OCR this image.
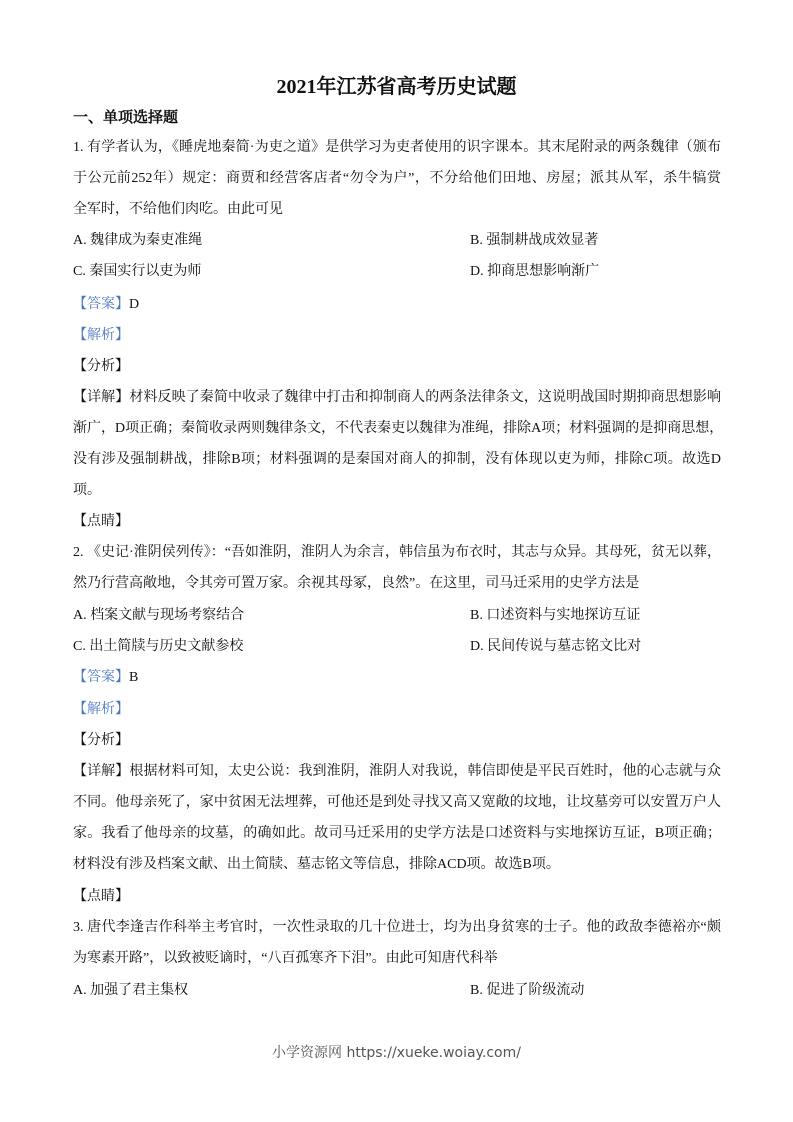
2021年江苏省高考历史试题
一、单项选择题
1. 有学者认为，《睡虎地秦简·为吏之道》是供学习为吏者使用的识字课本。其末尾附录的两条魏律（颁布
于公元前252年）规定：商贾和经营客店者“勿令为户”，不分给他们田地、房屋；派其从军，杀牛犒赏
全军时，不给他们肉吃。由此可见
A. 魏律成为秦吏准绳	B. 强制耕战成效显著
C. 秦国实行以吏为师	D. 抑商思想影响渐广
【答案】D
【解析】
【分析】
【详解】材料反映了秦简中收录了魏律中打击和抑制商人的两条法律条文，这说明战国时期抑商思想影响
渐广，D项正确；秦简收录两则魏律条文，不代表秦吏以魏律为准绳，排除A项；材料强调的是抑商思想，
没有涉及强制耕战，排除B项；材料强调的是秦国对商人的抑制，没有体现以吏为师，排除C项。故选D
项。
【点睛】
2. 《史记·淮阴侯列传》：“吾如淮阴，淮阴人为余言，韩信虽为布衣时，其志与众异。其母死，贫无以葬，
然乃行营高敞地，令其旁可置万家。余视其母冢，良然”。在这里，司马迁采用的史学方法是
A. 档案文献与现场考察结合	B. 口述资料与实地探访互证
C. 出土简牍与历史文献参校	D. 民间传说与墓志铭文比对
【答案】B
【解析】
【分析】
【详解】根据材料可知，太史公说：我到淮阴，淮阴人对我说，韩信即使是平民百姓时，他的心志就与众
不同。他母亲死了，家中贫困无法埋葬，可他还是到处寻找又高又宽敞的坟地，让坟墓旁可以安置万户人
家。我看了他母亲的坟墓，的确如此。故司马迁采用的史学方法是口述资料与实地探访互证，B项正确；
材料没有涉及档案文献、出土简牍、墓志铭文等信息，排除ACD项。故选B项。
【点睛】
3. 唐代李逢吉作科举主考官时，一次性录取的几十位进士，均为出身贫寒的士子。他的政敌李德裕亦“颇
为寒素开路”，以致被贬谪时，“八百孤寒齐下泪”。由此可知唐代科举
A. 加强了君主集权	B. 促进了阶级流动
小学资源网 https://xueke.woiay.com/
